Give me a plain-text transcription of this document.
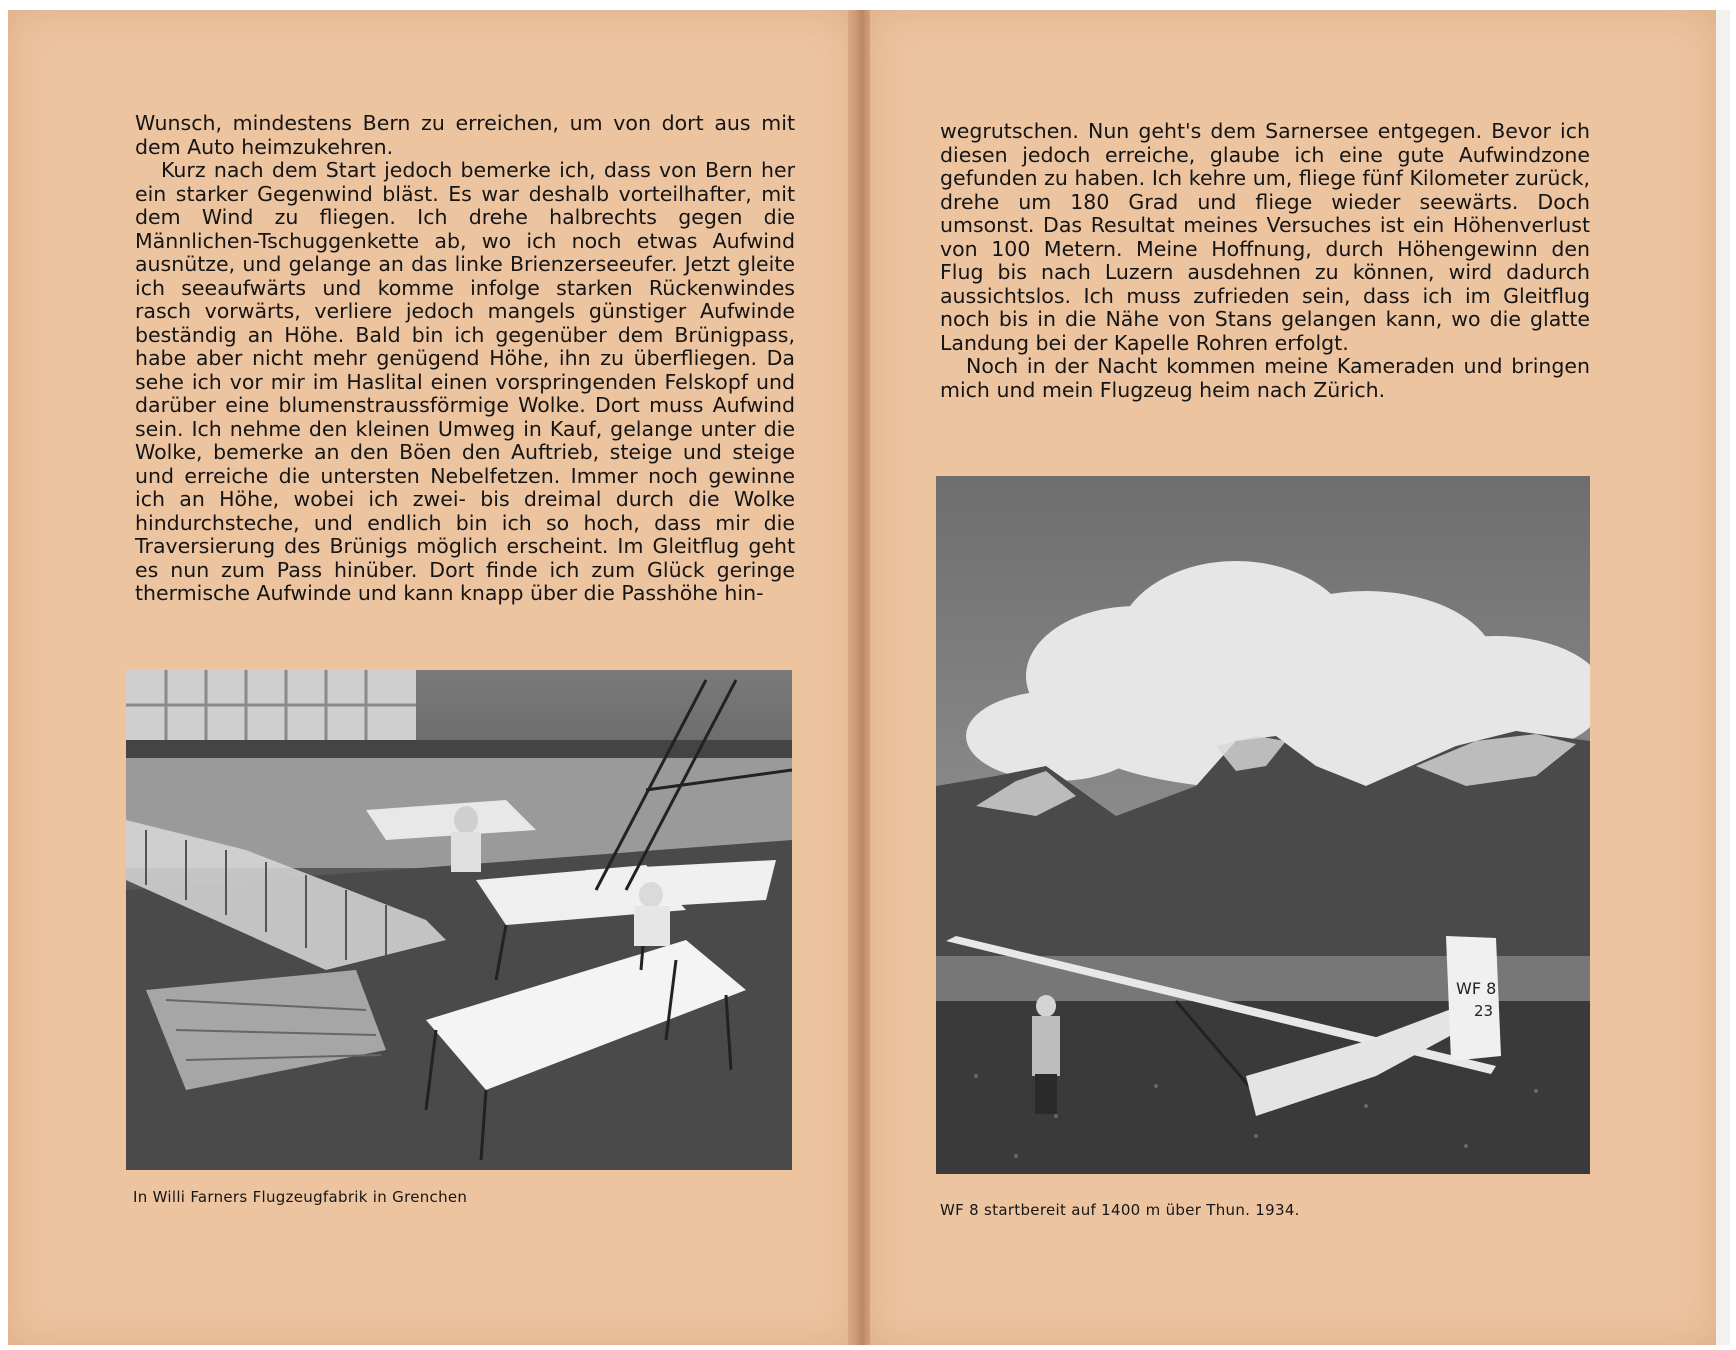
Wunsch, mindestens Bern zu erreichen, um von dort aus mit dem Auto heimzukehren.

Kurz nach dem Start jedoch bemerke ich, dass von Bern her ein starker Gegenwind bläst. Es war deshalb vorteilhafter, mit dem Wind zu fliegen. Ich drehe halbrechts gegen die Männlichen-Tschuggenkette ab, wo ich noch etwas Aufwind ausnütze, und gelange an das linke Brienzerseeufer. Jetzt gleite ich seeaufwärts und komme infolge starken Rückenwindes rasch vorwärts, verliere jedoch mangels günstiger Aufwinde beständig an Höhe. Bald bin ich gegenüber dem Brünigpass, habe aber nicht mehr genügend Höhe, ihn zu überfliegen. Da sehe ich vor mir im Haslital einen vorspringenden Felskopf und darüber eine blumenstraussförmige Wolke. Dort muss Aufwind sein. Ich nehme den kleinen Umweg in Kauf, gelange unter die Wolke, bemerke an den Böen den Auftrieb, steige und steige und erreiche die untersten Nebelfetzen. Immer noch gewinne ich an Höhe, wobei ich zwei- bis dreimal durch die Wolke hindurchsteche, und endlich bin ich so hoch, dass mir die Traversierung des Brünigs möglich erscheint. Im Gleitflug geht es nun zum Pass hinüber. Dort finde ich zum Glück geringe thermische Aufwinde und kann knapp über die Passhöhe hin-

In Willi Farners Flugzeugfabrik in Grenchen

wegrutschen. Nun geht's dem Sarnersee entgegen. Bevor ich diesen jedoch erreiche, glaube ich eine gute Aufwindzone gefunden zu haben. Ich kehre um, fliege fünf Kilometer zurück, drehe um 180 Grad und fliege wieder seewärts. Doch umsonst. Das Resultat meines Versuches ist ein Höhenverlust von 100 Metern. Meine Hoffnung, durch Höhengewinn den Flug bis nach Luzern ausdehnen zu können, wird dadurch aussichtslos. Ich muss zufrieden sein, dass ich im Gleitflug noch bis in die Nähe von Stans gelangen kann, wo die glatte Landung bei der Kapelle Rohren erfolgt.

Noch in der Nacht kommen meine Kameraden und bringen mich und mein Flugzeug heim nach Zürich.

WF 8
23
WF 8 startbereit auf 1400 m über Thun. 1934.
